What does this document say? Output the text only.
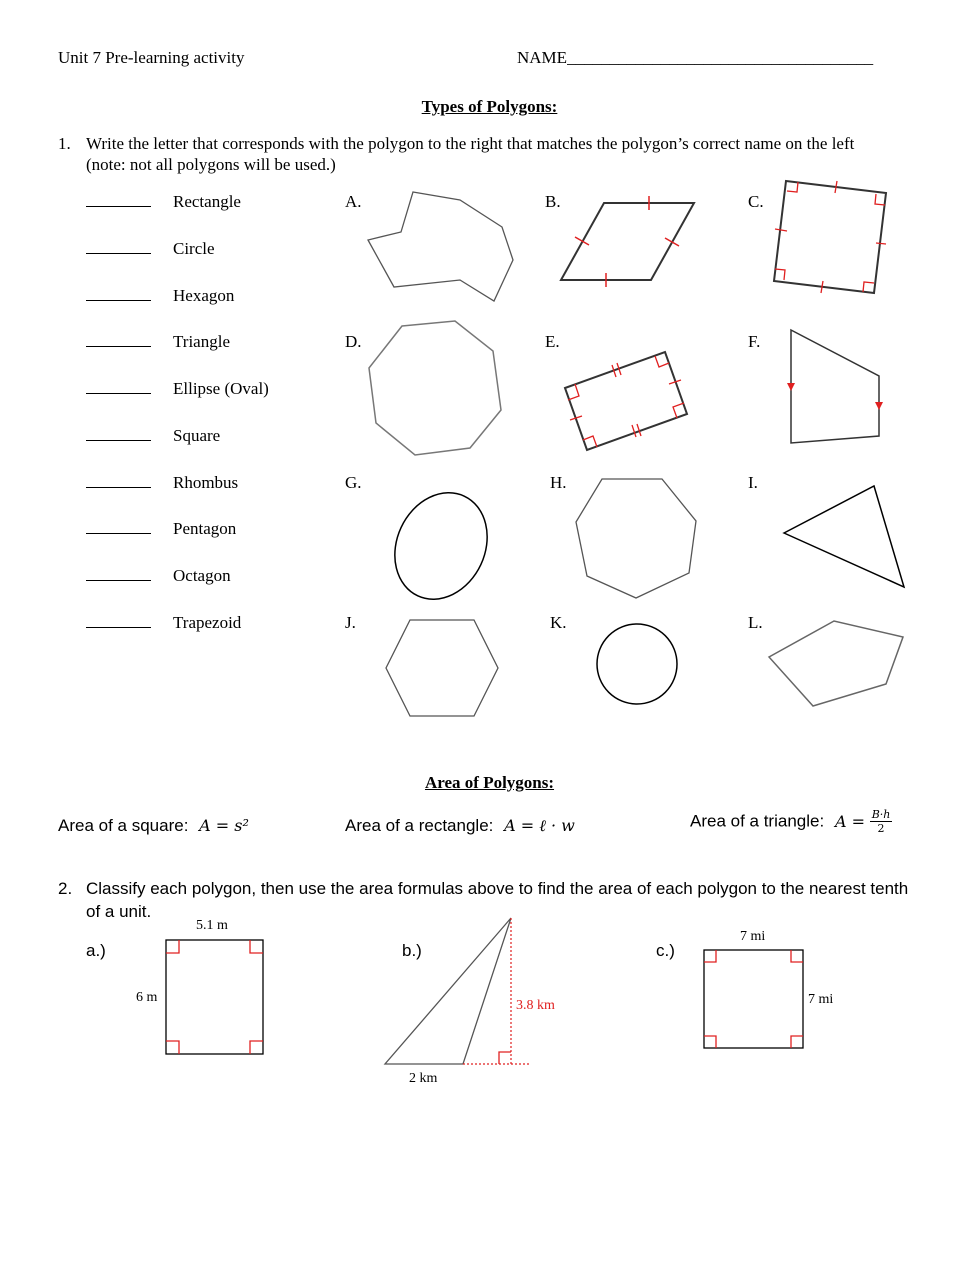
Unit 7 Pre-learning activity	NAME____________________________________
Types of Polygons:
1. Write the letter that corresponds with the polygon to the right that matches the polygon’s correct name on the left
(note: not all polygons will be used.)
Rectangle
Circle
Hexagon
Triangle
Ellipse (Oval)
Square
Rhombus
Pentagon
Octagon
Trapezoid
A.	B.	C.
D.	E.	F.
G.	H.	I.
J.	K.	L.
Area of Polygons:
Area of a square: A = s²	Area of a rectangle: A = ℓ · w	Area of a triangle: $A = \frac{B\cdot h}{2}$
2. Classify each polygon, then use the area formulas above to find the area of each polygon to the nearest tenth
of a unit.
a.)	b.)	c.)
5.1 m
6 m
3.8 km
2 km
7 mi
7 mi
